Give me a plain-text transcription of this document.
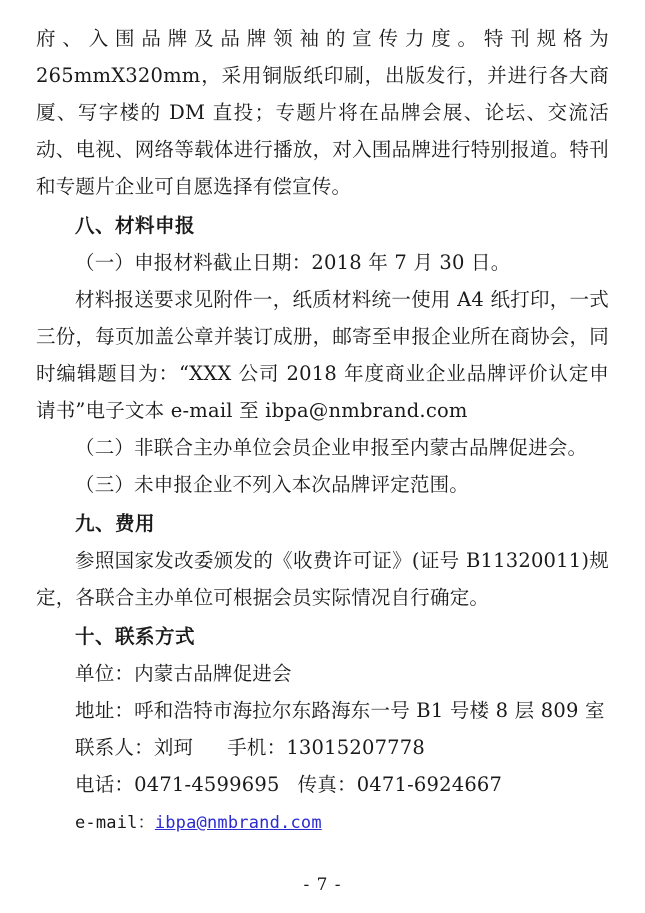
府、入围品牌及品牌领袖的宣传力度。特刊规格为 265mmX320mm，采用铜版纸印刷，出版发行，并进行各大商厦、写字楼的 DM 直投；专题片将在品牌会展、论坛、交流活动、电视、网络等载体进行播放，对入围品牌进行特别报道。特刊和专题片企业可自愿选择有偿宣传。

八、材料申报

（一）申报材料截止日期：2018 年 7 月 30 日。

材料报送要求见附件一，纸质材料统一使用 A4 纸打印，一式三份，每页加盖公章并装订成册，邮寄至申报企业所在商协会，同时编辑题目为：“XXX 公司 2018 年度商业企业品牌评价认定申请书”电子文本 e-mail 至 ibpa@nmbrand.com

（二）非联合主办单位会员企业申报至内蒙古品牌促进会。

（三）未申报企业不列入本次品牌评定范围。

九、费用

参照国家发改委颁发的《收费许可证》(证号 B11320011)规定，各联合主办单位可根据会员实际情况自行确定。

十、联系方式

单位：内蒙古品牌促进会

地址：呼和浩特市海拉尔东路海东一号 B1 号楼 8 层 809 室

联系人：刘珂 手机：13015207778

电话：0471-4599695 传真：0471-6924667

e-mail：ibpa@nmbrand.com

- 7 -
